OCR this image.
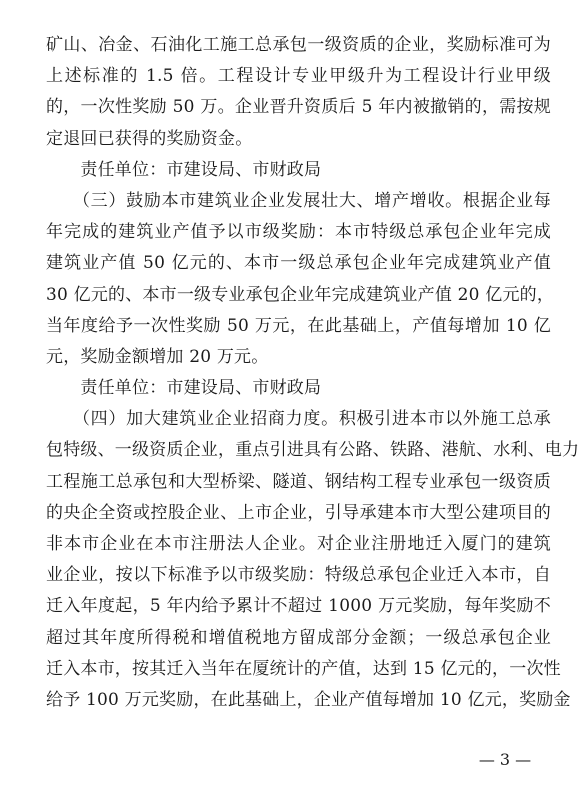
矿山、冶金、石油化工施工总承包一级资质的企业，奖励标准可为
上述标准的 1.5 倍。工程设计专业甲级升为工程设计行业甲级
的，一次性奖励 50 万。企业晋升资质后 5 年内被撤销的，需按规
定退回已获得的奖励资金。
　　责任单位：市建设局、市财政局
　　（三）鼓励本市建筑业企业发展壮大、增产增收。根据企业每
年完成的建筑业产值予以市级奖励：本市特级总承包企业年完成
建筑业产值 50 亿元的、本市一级总承包企业年完成建筑业产值
30 亿元的、本市一级专业承包企业年完成建筑业产值 20 亿元的，
当年度给予一次性奖励 50 万元，在此基础上，产值每增加 10 亿
元，奖励金额增加 20 万元。
　　责任单位：市建设局、市财政局
　　（四）加大建筑业企业招商力度。积极引进本市以外施工总承
包特级、一级资质企业，重点引进具有公路、铁路、港航、水利、电力
工程施工总承包和大型桥梁、隧道、钢结构工程专业承包一级资质
的央企全资或控股企业、上市企业，引导承建本市大型公建项目的
非本市企业在本市注册法人企业。对企业注册地迁入厦门的建筑
业企业，按以下标准予以市级奖励：特级总承包企业迁入本市，自
迁入年度起，5 年内给予累计不超过 1000 万元奖励，每年奖励不
超过其年度所得税和增值税地方留成部分金额；一级总承包企业
迁入本市，按其迁入当年在厦统计的产值，达到 15 亿元的，一次性
给予 100 万元奖励，在此基础上，企业产值每增加 10 亿元，奖励金
— 3 —
